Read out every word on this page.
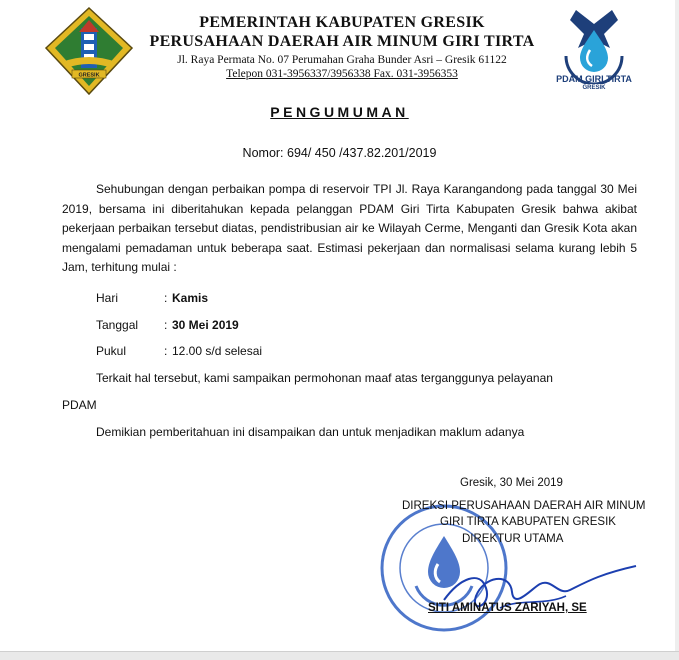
GRESIK	PDAM GIRI TIRTA
GRESIK
PEMERINTAH KABUPATEN GRESIK
PERUSAHAAN DAERAH AIR MINUM GIRI TIRTA
Jl. Raya Permata No. 07 Perumahan Graha Bunder Asri – Gresik 61122
Telepon 031-3956337/3956338 Fax. 031-3956353
PENGUMUMAN
Nomor: 694/ 450 /437.82.201/2019
Sehubungan dengan perbaikan pompa di reservoir TPI Jl. Raya Karangandong pada tanggal 30 Mei 2019, bersama ini diberitahukan kepada pelanggan PDAM Giri Tirta Kabupaten Gresik bahwa akibat pekerjaan perbaikan tersebut diatas, pendistribusian air ke Wilayah Cerme, Menganti dan Gresik Kota akan mengalami pemadaman untuk beberapa saat. Estimasi pekerjaan dan normalisasi selama kurang lebih 5 Jam, terhitung mulai :
Hari	: Kamis
Tanggal : 30 Mei 2019
Pukul	: 12.00 s/d selesai
Terkait hal tersebut, kami sampaikan permohonan maaf atas terganggunya pelayanan
PDAM
Demikian pemberitahuan ini disampaikan dan untuk menjadikan maklum adanya
Gresik, 30 Mei 2019
DIREKSI PERUSAHAAN DAERAH AIR MINUM
GIRI TIRTA KABUPATEN GRESIK
DIREKTUR UTAMA
SITI AMINATUS ZARIYAH, SE
